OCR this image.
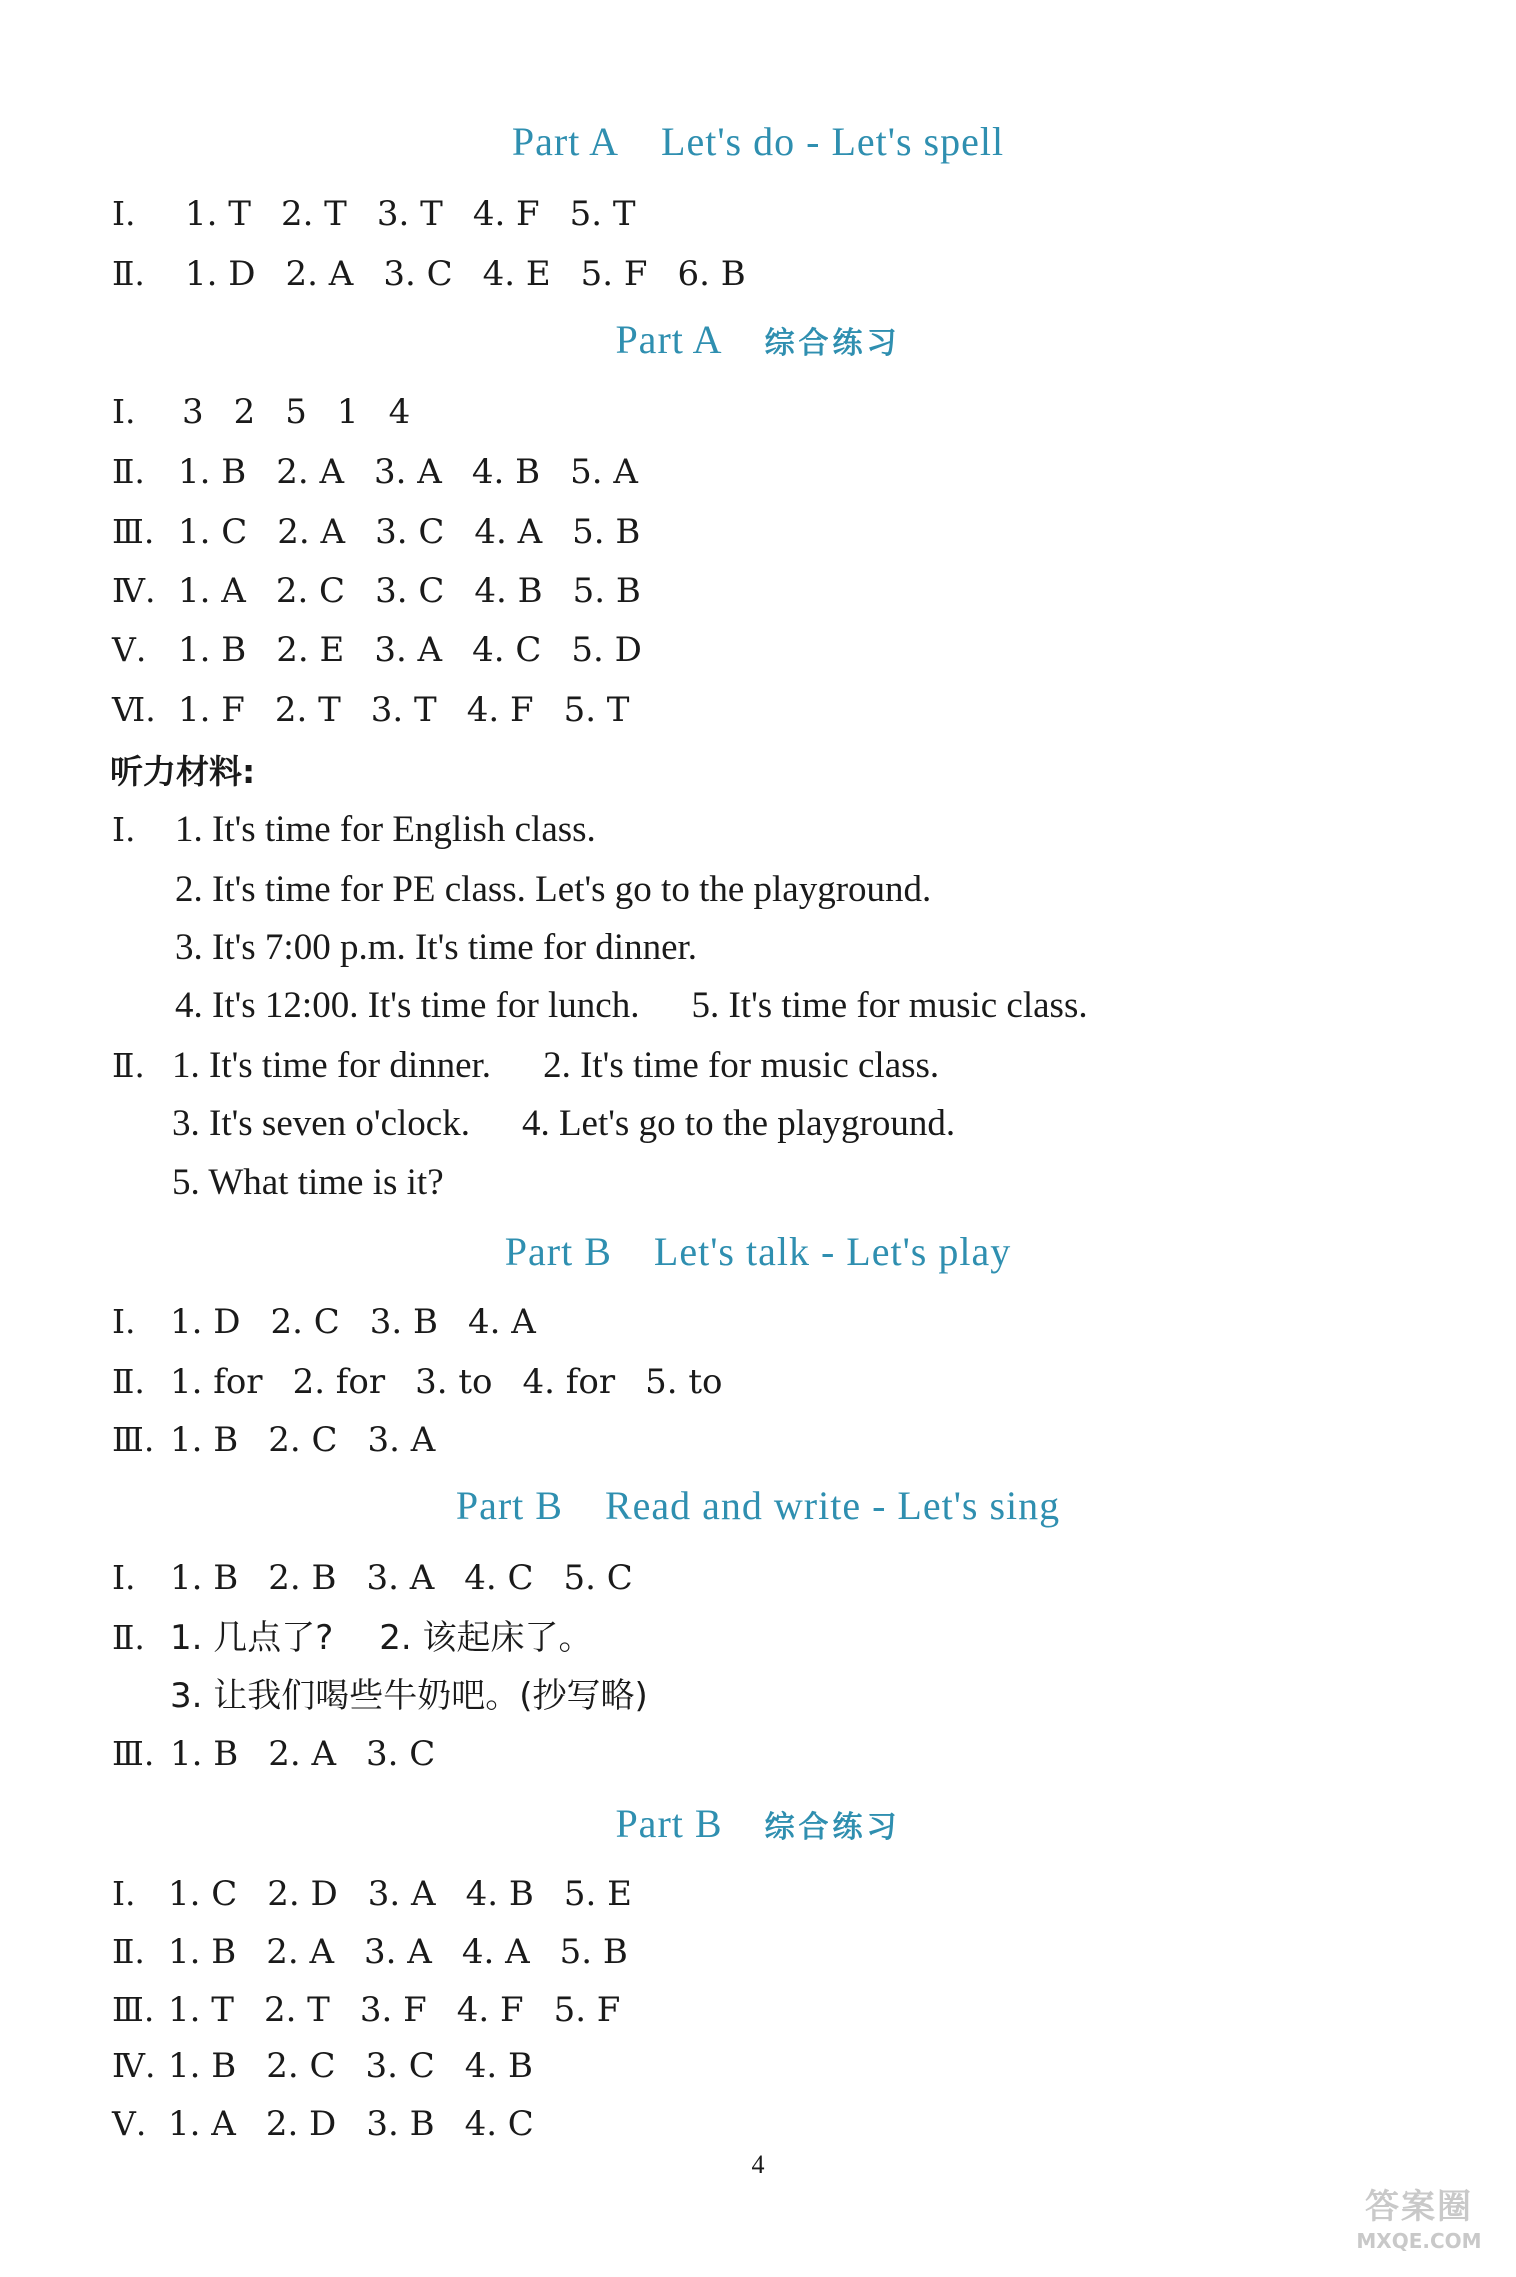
Part A Let's do - Let's spell
Ⅰ.	1. T 2. T 3. T 4. F 5. T
Ⅱ.	1. D 2. A 3. C 4. E 5. F 6. B
Part A 综合练习
Ⅰ.	3 2 5 1 4
Ⅱ. 1. B 2. A 3. A 4. B 5. A
Ⅲ. 1. C 2. A 3. C 4. A 5. B
Ⅳ. 1. A 2. C 3. C 4. B 5. B
Ⅴ. 1. B 2. E 3. A 4. C 5. D
Ⅵ. 1. F 2. T 3. T 4. F 5. T
听力材料:
Ⅰ.	1. It's time for English class.
2. It's time for PE class. Let's go to the playground.
3. It's 7:00 p.m. It's time for dinner.
4. It's 12:00. It's time for lunch. 5. It's time for music class.
Ⅱ. 1. It's time for dinner. 2. It's time for music class.
3. It's seven o'clock. 4. Let's go to the playground.
5. What time is it?
Part B Let's talk - Let's play
Ⅰ.	1. D 2. C 3. B 4. A
Ⅱ. 1. for 2. for 3. to 4. for 5. to
Ⅲ. 1. B 2. C 3. A
Part B Read and write - Let's sing
Ⅰ.	1. B 2. B 3. A 4. C 5. C
Ⅱ. 1. 几点了? 2. 该起床了。
3. 让我们喝些牛奶吧。(抄写略)
Ⅲ. 1. B 2. A 3. C
Part B 综合练习
Ⅰ. 1. C 2. D 3. A 4. B 5. E
Ⅱ. 1. B 2. A 3. A 4. A 5. B
Ⅲ. 1. T 2. T 3. F 4. F 5. F
Ⅳ. 1. B 2. C 3. C 4. B
Ⅴ. 1. A 2. D 3. B 4. C
4
答案圈
MXQE.COM
